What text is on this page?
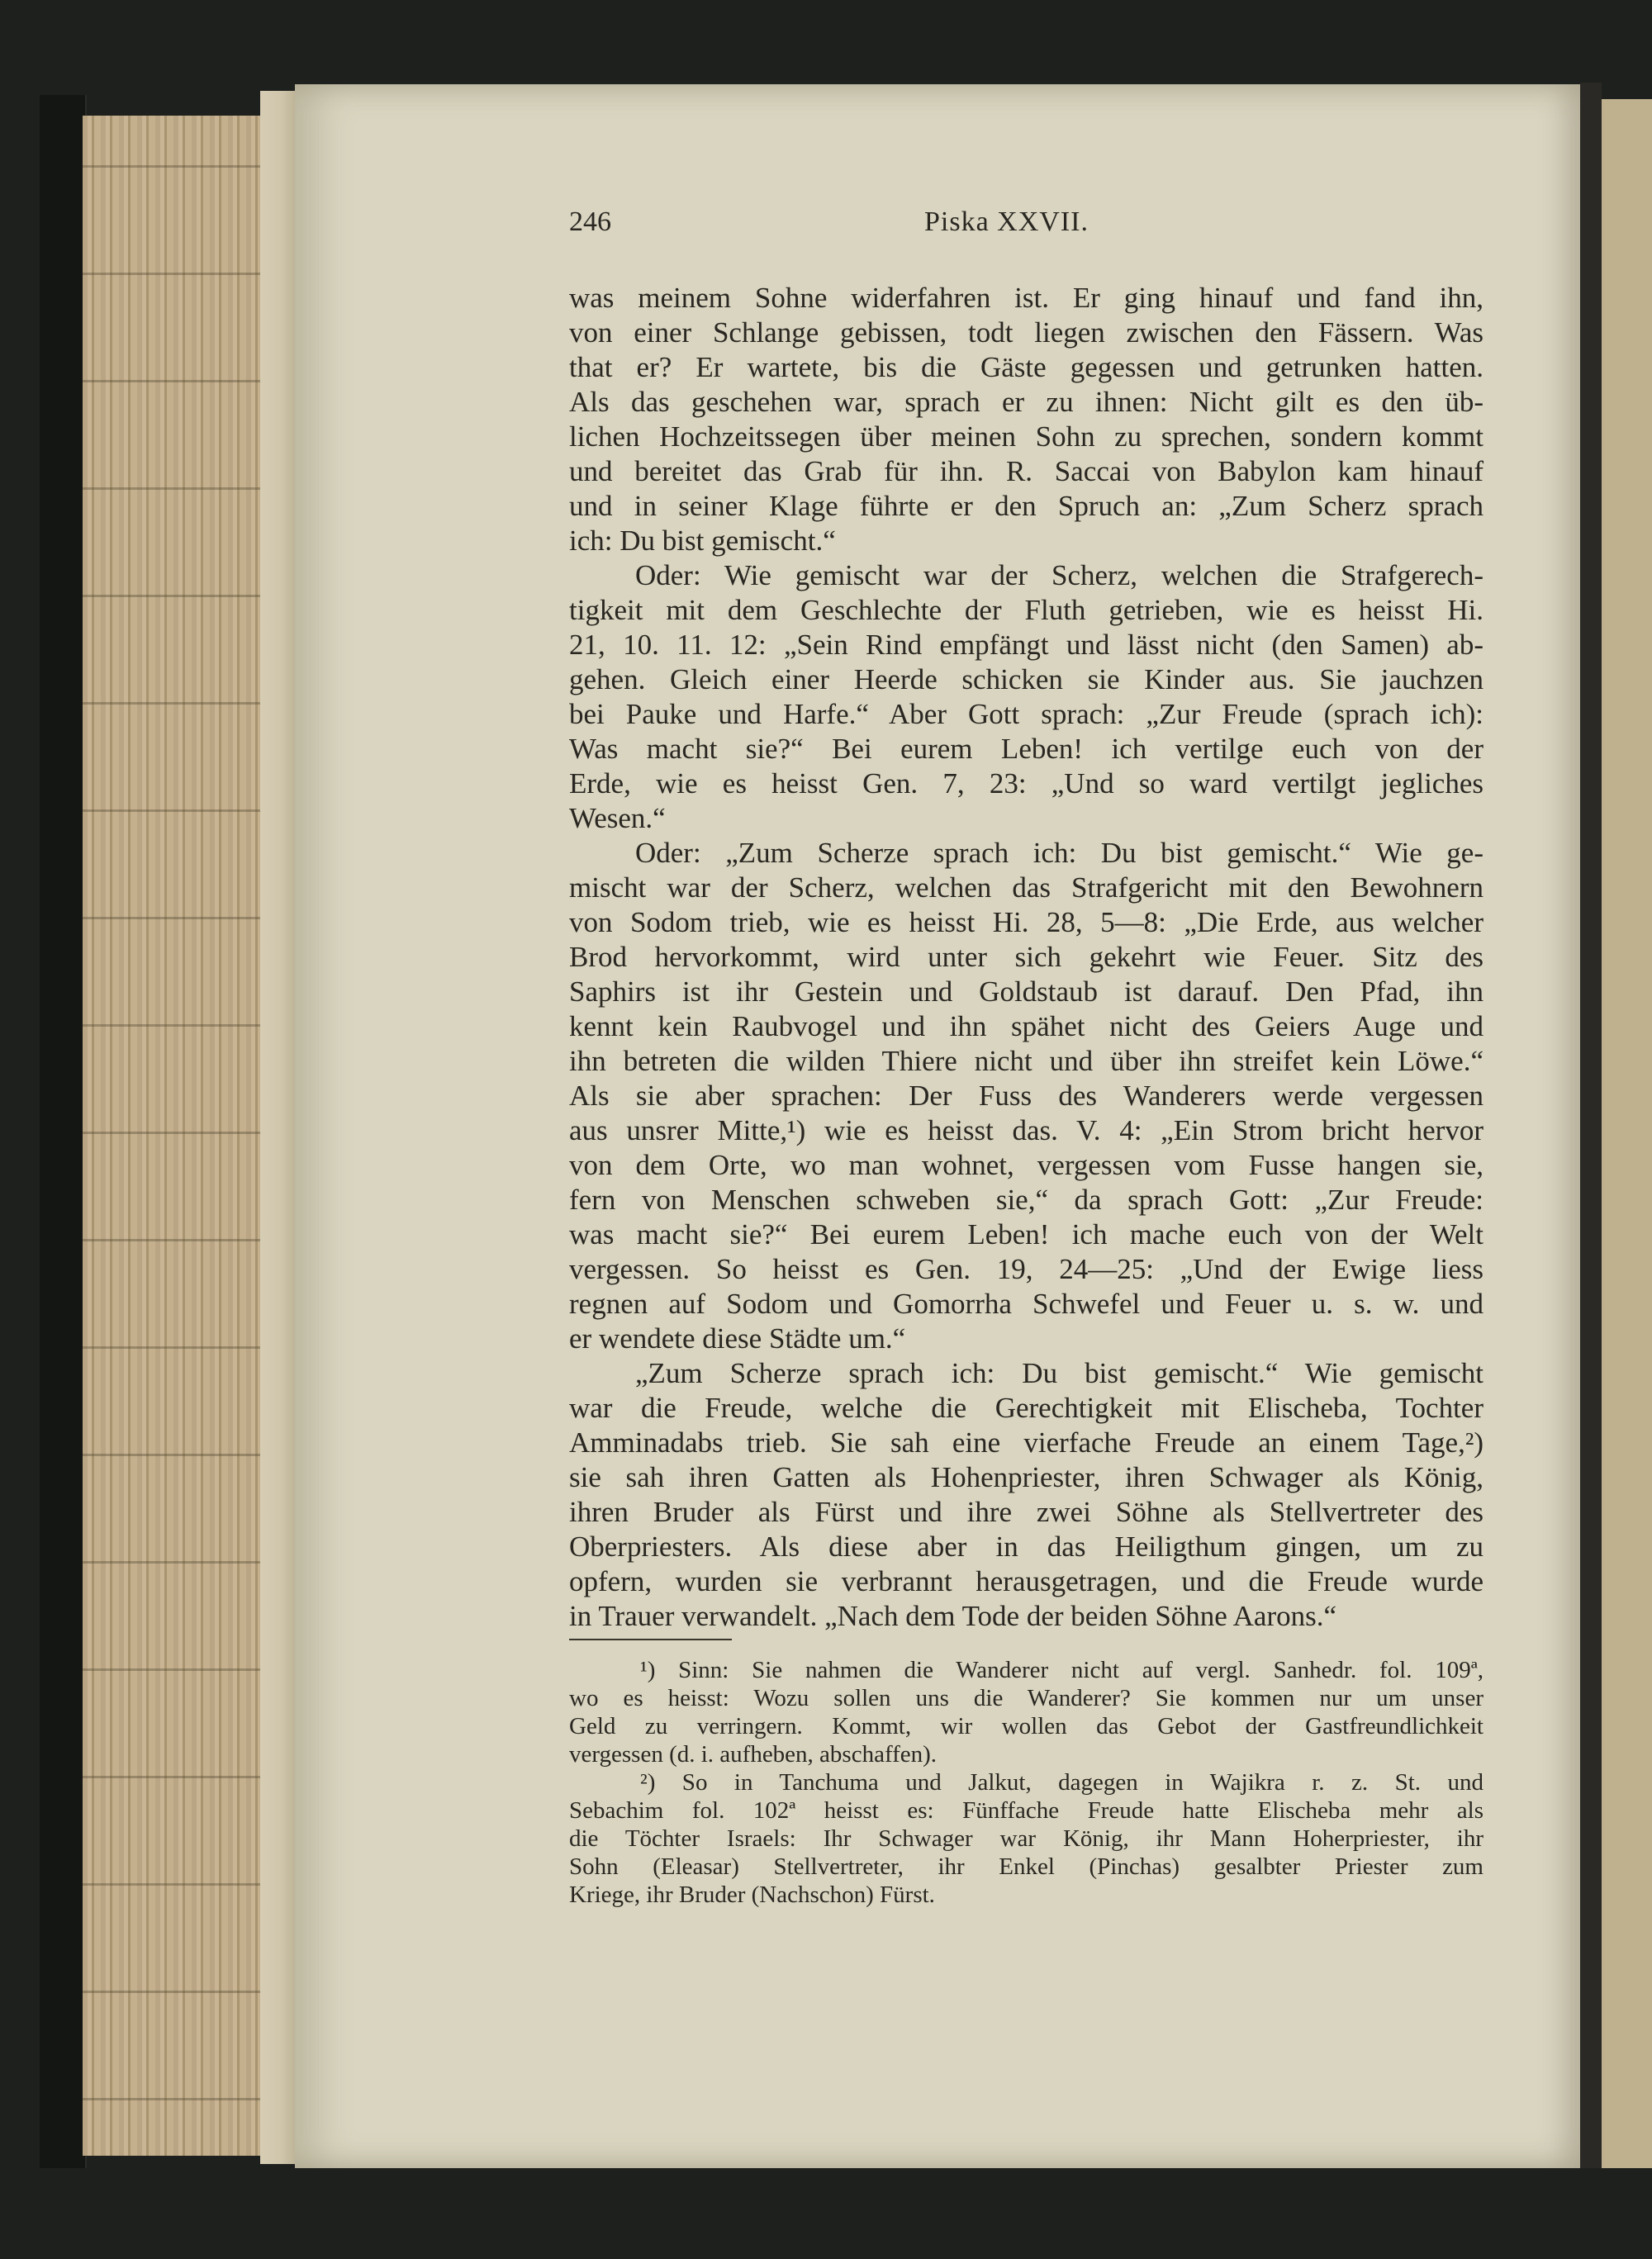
246	Piska XXVII.
was meinem Sohne widerfahren ist. Er ging hinauf und fand ihn,
von einer Schlange gebissen, todt liegen zwischen den Fässern. Was
that er? Er wartete, bis die Gäste gegessen und getrunken hatten.
Als das geschehen war, sprach er zu ihnen: Nicht gilt es den üb-
lichen Hochzeitssegen über meinen Sohn zu sprechen, sondern kommt
und bereitet das Grab für ihn. R. Saccai von Babylon kam hinauf
und in seiner Klage führte er den Spruch an: „Zum Scherz sprach
ich: Du bist gemischt.“
Oder: Wie gemischt war der Scherz, welchen die Strafgerech-
tigkeit mit dem Geschlechte der Fluth getrieben, wie es heisst Hi.
21, 10. 11. 12: „Sein Rind empfängt und lässt nicht (den Samen) ab-
gehen. Gleich einer Heerde schicken sie Kinder aus. Sie jauchzen
bei Pauke und Harfe.“ Aber Gott sprach: „Zur Freude (sprach ich):
Was macht sie?“ Bei eurem Leben! ich vertilge euch von der
Erde, wie es heisst Gen. 7, 23: „Und so ward vertilgt jegliches
Wesen.“
Oder: „Zum Scherze sprach ich: Du bist gemischt.“ Wie ge-
mischt war der Scherz, welchen das Strafgericht mit den Bewohnern
von Sodom trieb, wie es heisst Hi. 28, 5—8: „Die Erde, aus welcher
Brod hervorkommt, wird unter sich gekehrt wie Feuer. Sitz des
Saphirs ist ihr Gestein und Goldstaub ist darauf. Den Pfad, ihn
kennt kein Raubvogel und ihn spähet nicht des Geiers Auge und
ihn betreten die wilden Thiere nicht und über ihn streifet kein Löwe.“
Als sie aber sprachen: Der Fuss des Wanderers werde vergessen
aus unsrer Mitte,¹) wie es heisst das. V. 4: „Ein Strom bricht hervor
von dem Orte, wo man wohnet, vergessen vom Fusse hangen sie,
fern von Menschen schweben sie,“ da sprach Gott: „Zur Freude:
was macht sie?“ Bei eurem Leben! ich mache euch von der Welt
vergessen. So heisst es Gen. 19, 24—25: „Und der Ewige liess
regnen auf Sodom und Gomorrha Schwefel und Feuer u. s. w. und
er wendete diese Städte um.“
„Zum Scherze sprach ich: Du bist gemischt.“ Wie gemischt
war die Freude, welche die Gerechtigkeit mit Elischeba, Tochter
Amminadabs trieb. Sie sah eine vierfache Freude an einem Tage,²)
sie sah ihren Gatten als Hohenpriester, ihren Schwager als König,
ihren Bruder als Fürst und ihre zwei Söhne als Stellvertreter des
Oberpriesters. Als diese aber in das Heiligthum gingen, um zu
opfern, wurden sie verbrannt herausgetragen, und die Freude wurde
in Trauer verwandelt. „Nach dem Tode der beiden Söhne Aarons.“
¹) Sinn: Sie nahmen die Wanderer nicht auf vergl. Sanhedr. fol. 109ª,
wo es heisst: Wozu sollen uns die Wanderer? Sie kommen nur um unser
Geld zu verringern. Kommt, wir wollen das Gebot der Gastfreundlichkeit
vergessen (d. i. aufheben, abschaffen).
²) So in Tanchuma und Jalkut, dagegen in Wajikra r. z. St. und
Sebachim fol. 102ª heisst es: Fünffache Freude hatte Elischeba mehr als
die Töchter Israels: Ihr Schwager war König, ihr Mann Hoherpriester, ihr
Sohn (Eleasar) Stellvertreter, ihr Enkel (Pinchas) gesalbter Priester zum
Kriege, ihr Bruder (Nachschon) Fürst.
